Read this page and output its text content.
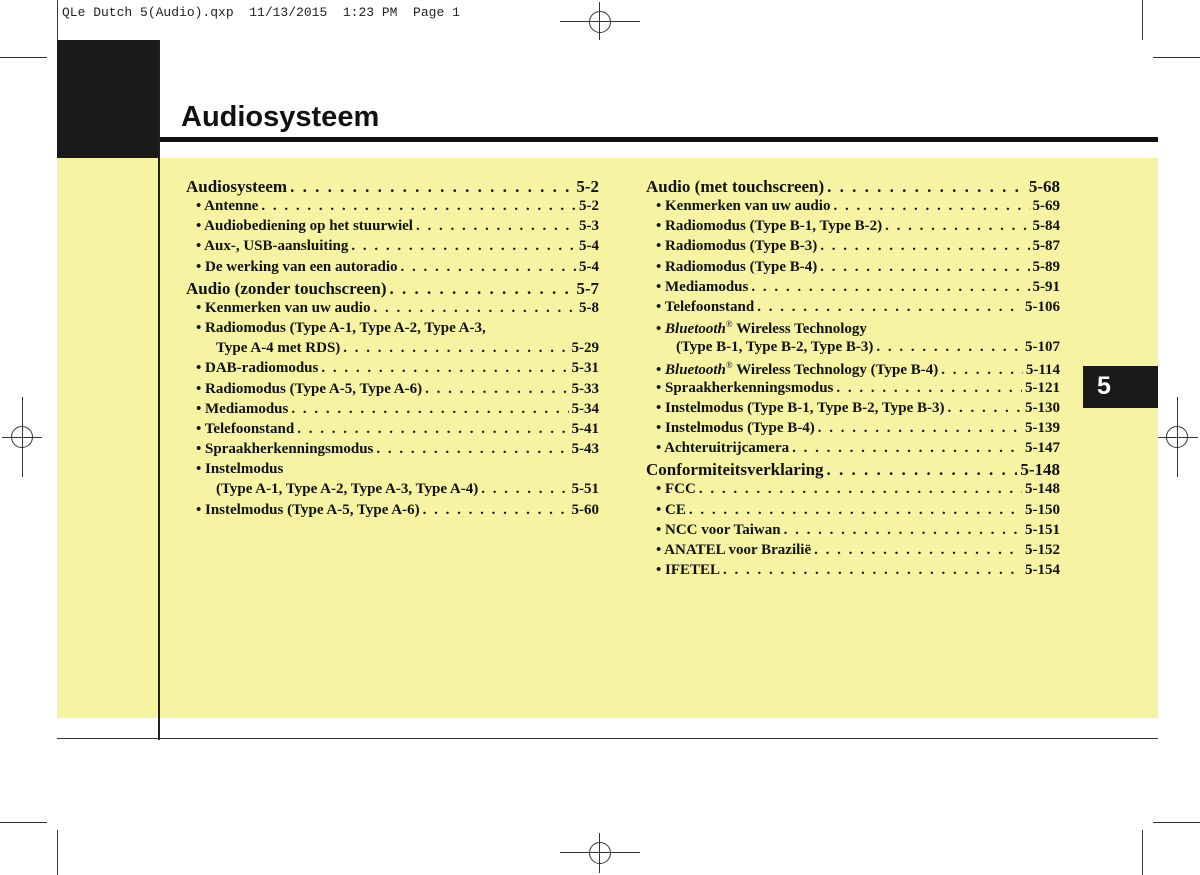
QLe Dutch 5(Audio).qxp  11/13/2015  1:23 PM  Page 1
Audiosysteem
5
Audiosysteem . . .	5-2
• Antenne . . .	5-2
• Audiobediening op het stuurwiel . . .	5-3
• Aux-, USB-aansluiting . . .	5-4
• De werking van een autoradio . . .	5-4
Audio (zonder touchscreen) . . .	5-7
• Kenmerken van uw audio . . .	5-8
• Radiomodus (Type A-1, Type A-2, Type A-3,
Type A-4 met RDS) . . .	5-29
• DAB-radiomodus . . .	5-31
• Radiomodus (Type A-5, Type A-6) . . .	5-33
• Mediamodus . . .	5-34
• Telefoonstand . . .	5-41
• Spraakherkenningsmodus . . .	5-43
• Instelmodus
(Type A-1, Type A-2, Type A-3, Type A-4) . . .	5-51
• Instelmodus (Type A-5, Type A-6) . . .	5-60
Audio (met touchscreen) . . .	5-68
• Kenmerken van uw audio . . .	5-69
• Radiomodus (Type B-1, Type B-2) . . .	5-84
• Radiomodus (Type B-3) . . .	5-87
• Radiomodus (Type B-4) . . .	5-89
• Mediamodus . . .	5-91
• Telefoonstand . . .	5-106
• Bluetooth® Wireless Technology
(Type B-1, Type B-2, Type B-3) . . .	5-107
• Bluetooth® Wireless Technology (Type B-4) . . .	5-114
• Spraakherkenningsmodus . . .	5-121
• Instelmodus (Type B-1, Type B-2, Type B-3) . . .	5-130
• Instelmodus (Type B-4) . . .	5-139
• Achteruitrijcamera . . .	5-147
Conformiteitsverklaring . . .	5-148
• FCC . . .	5-148
• CE . . .	5-150
• NCC voor Taiwan . . .	5-151
• ANATEL voor Brazilië . . .	5-152
• IFETEL . . .	5-154
